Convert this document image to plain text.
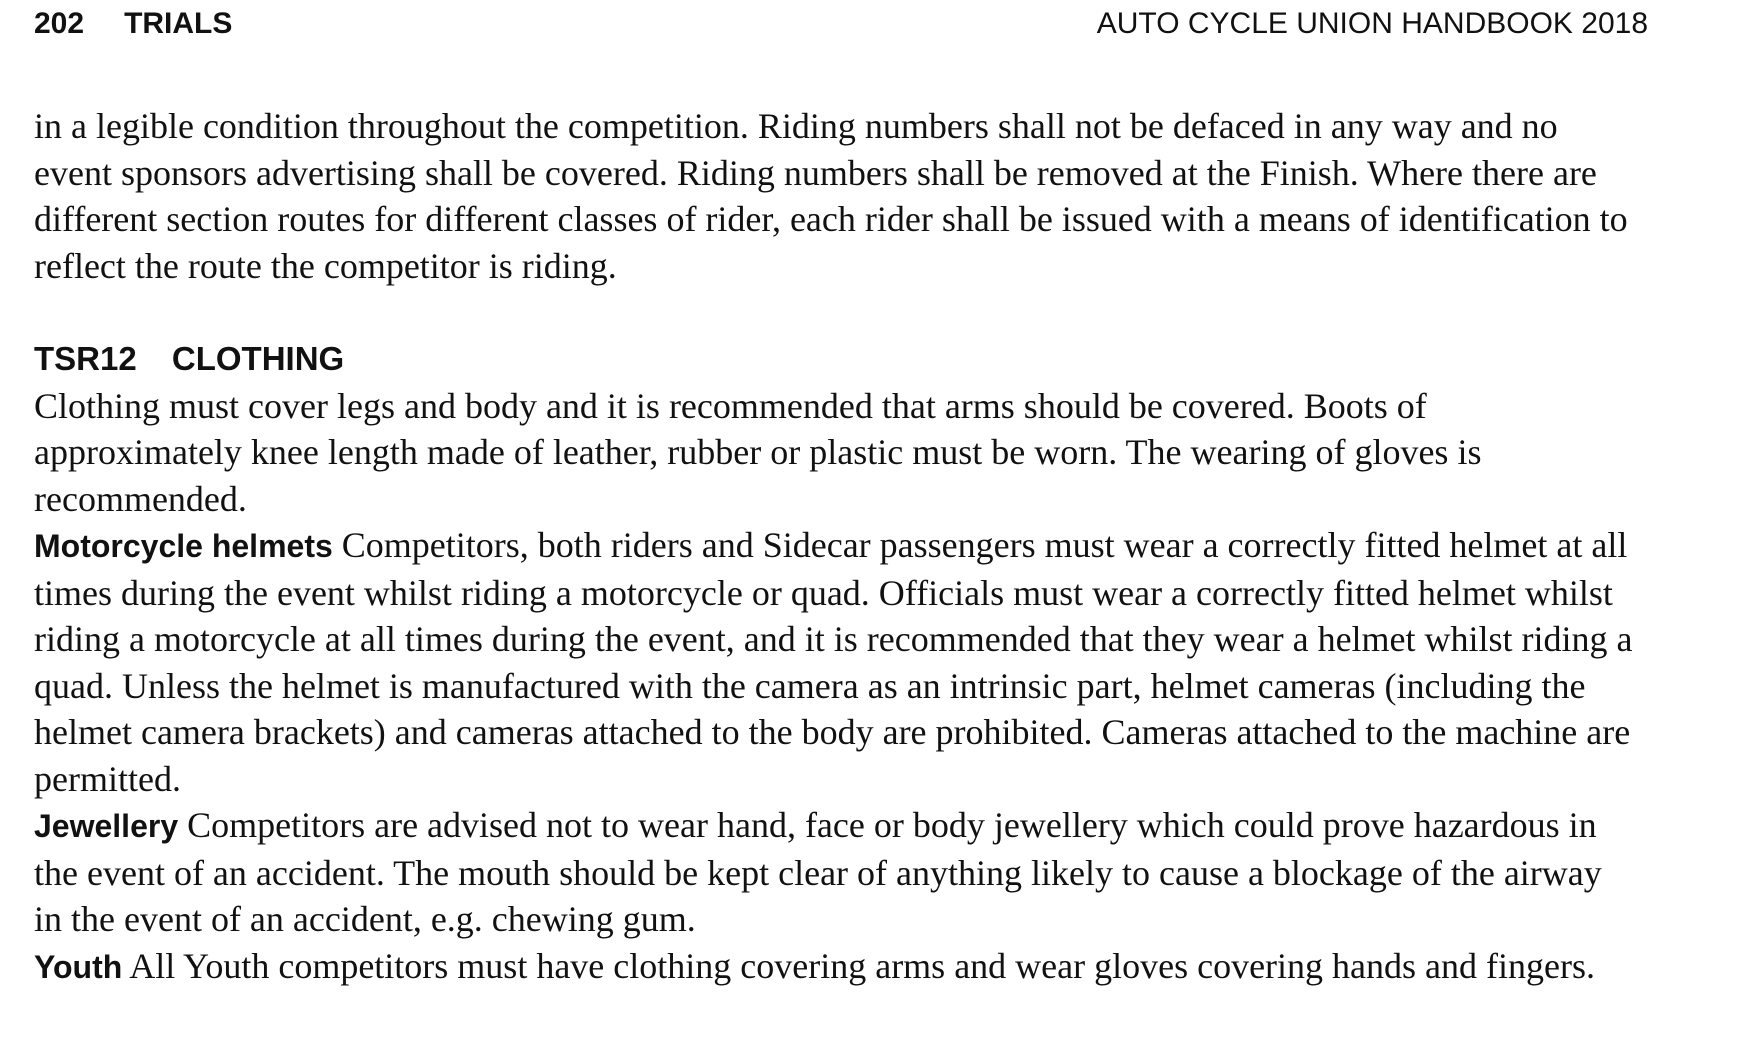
202 TRIALS	AUTO CYCLE UNION HANDBOOK 2018

in a legible condition throughout the competition. Riding numbers shall not be defaced in any way and no event sponsors advertising shall be covered. Riding numbers shall be removed at the Finish. Where there are different section routes for different classes of rider, each rider shall be issued with a means of identification to reflect the route the competitor is riding.

TSR12 CLOTHING

Clothing must cover legs and body and it is recommended that arms should be covered. Boots of approximately knee length made of leather, rubber or plastic must be worn. The wearing of gloves is recommended.

Motorcycle helmets Competitors, both riders and Sidecar passengers must wear a correctly fitted helmet at all times during the event whilst riding a motorcycle or quad. Officials must wear a correctly fitted helmet whilst riding a motorcycle at all times during the event, and it is recommended that they wear a helmet whilst riding a quad. Unless the helmet is manufactured with the camera as an intrinsic part, helmet cameras (including the helmet camera brackets) and cameras attached to the body are prohibited. Cameras attached to the machine are permitted.

Jewellery Competitors are advised not to wear hand, face or body jewellery which could prove hazardous in the event of an accident. The mouth should be kept clear of anything likely to cause a blockage of the airway in the event of an accident, e.g. chewing gum.

Youth All Youth competitors must have clothing covering arms and wear gloves covering hands and fingers.
